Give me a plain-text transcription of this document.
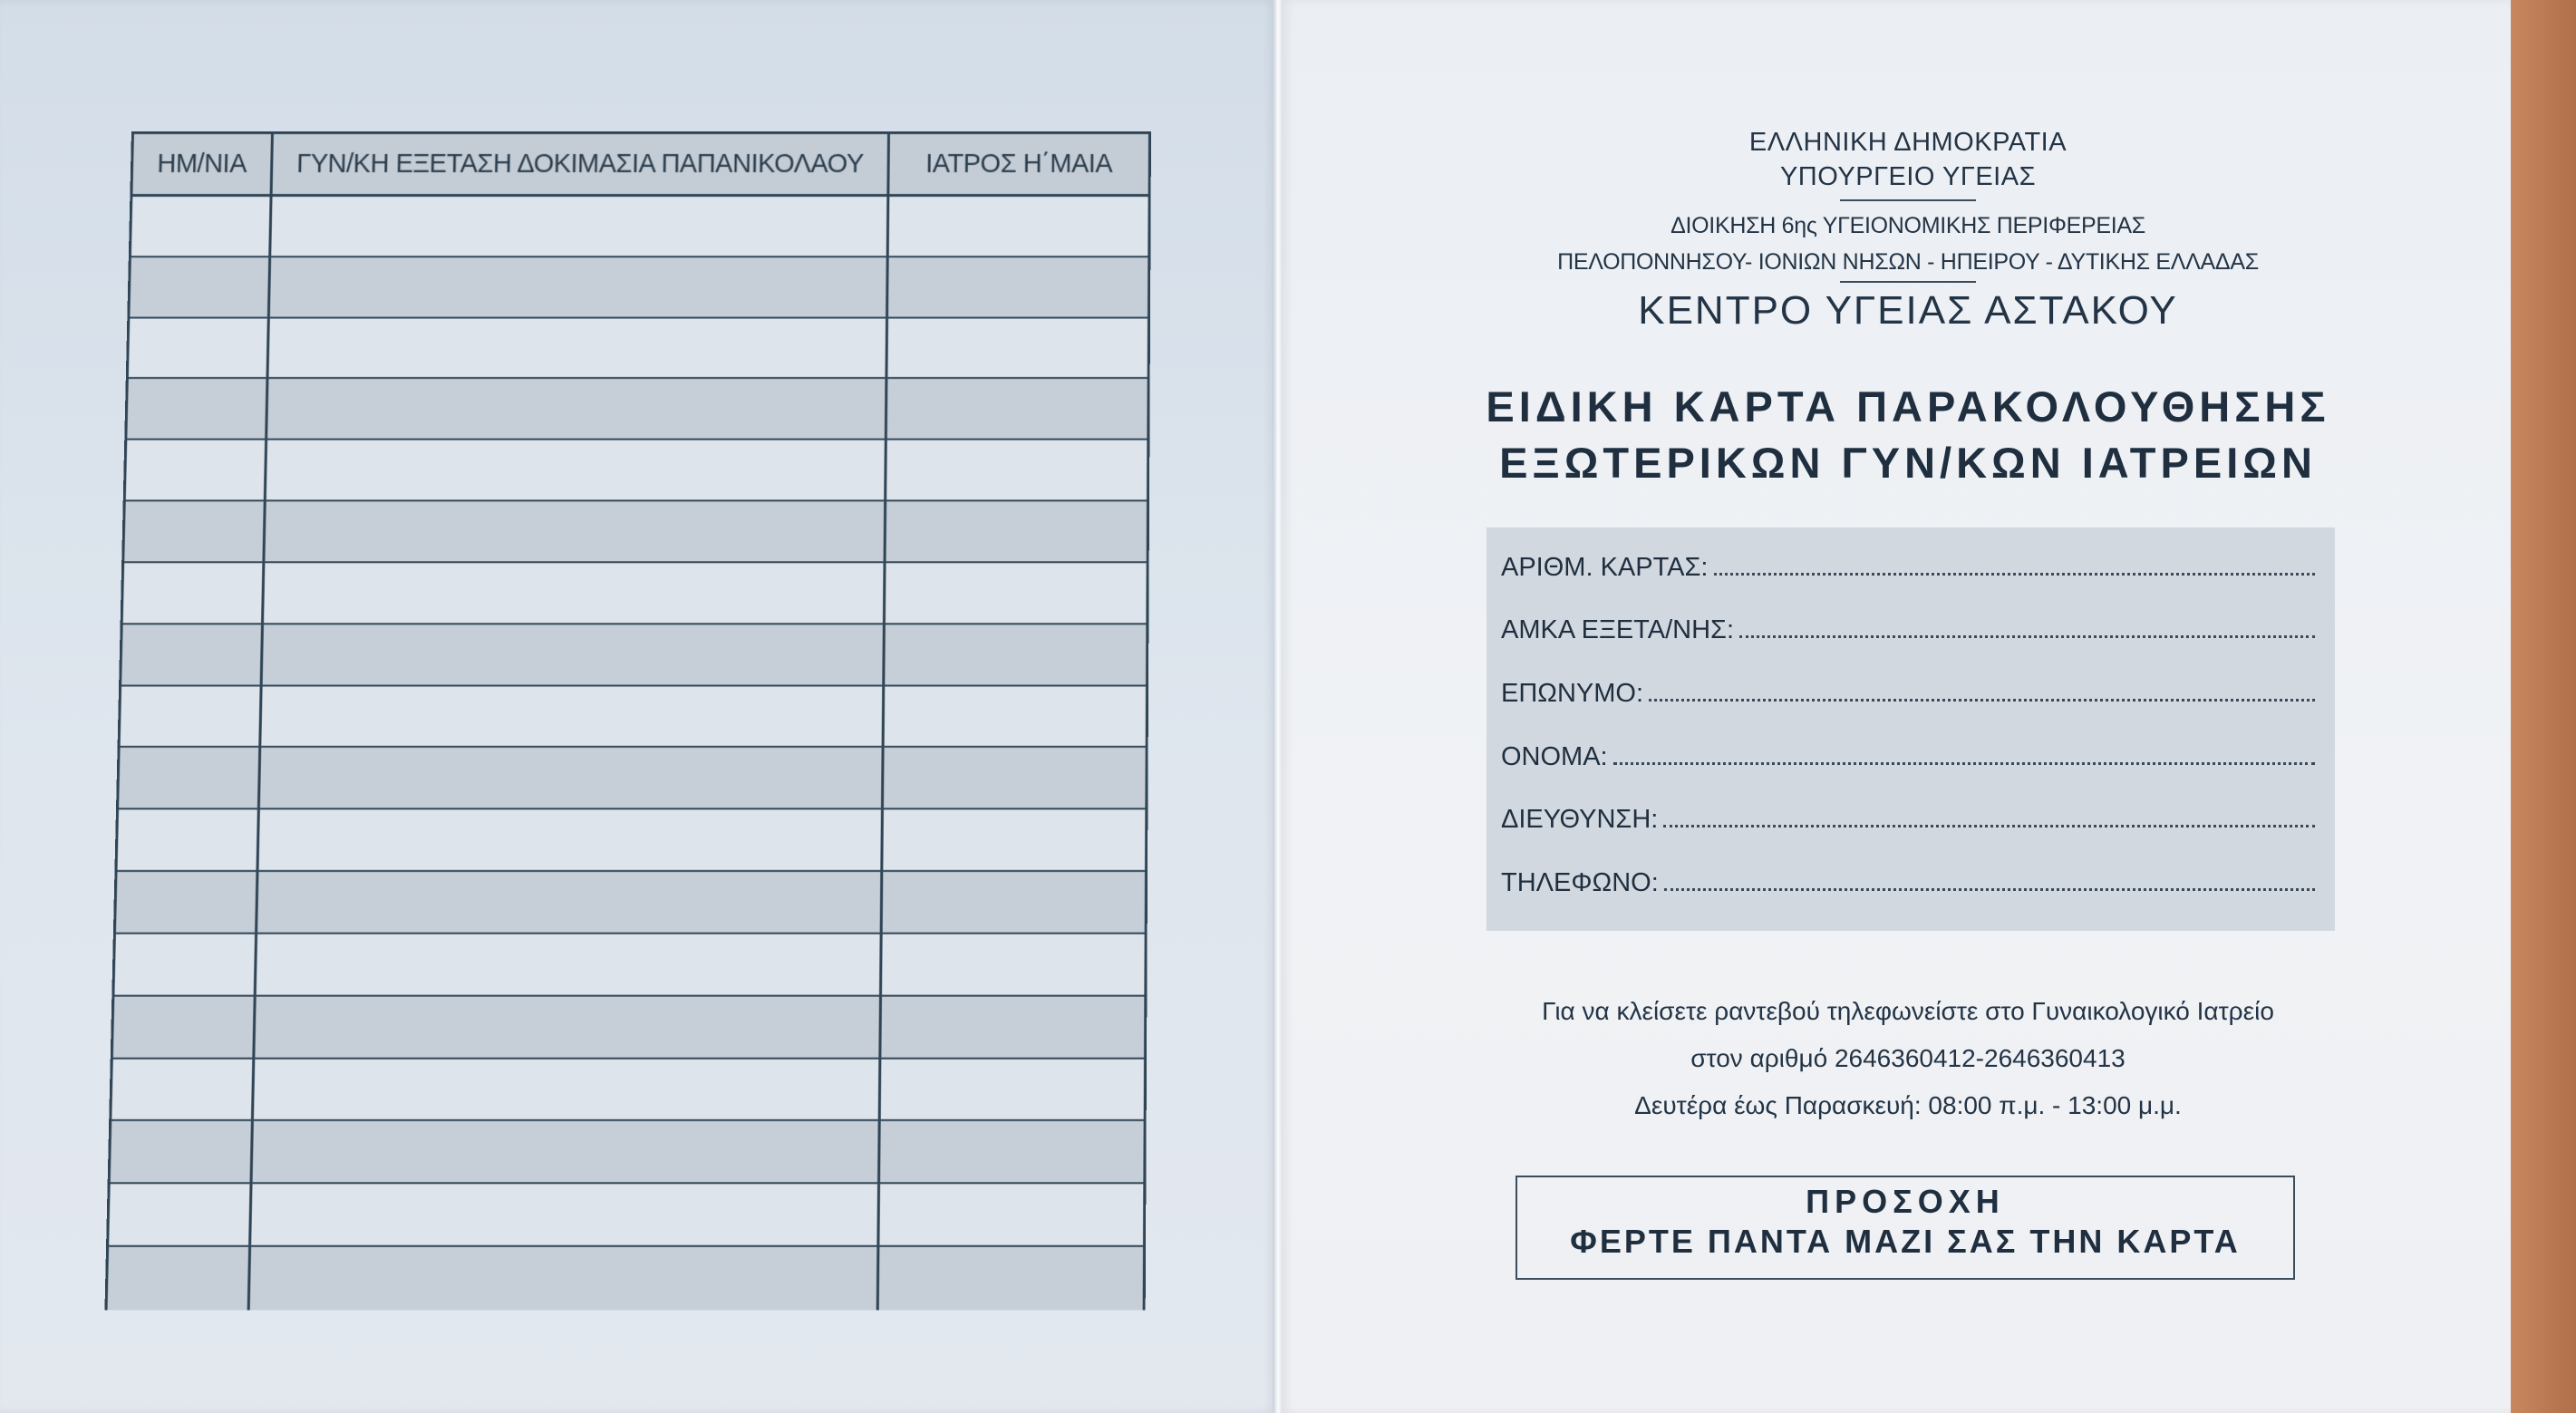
ΗΜ/ΝΙΑ	ΓΥΝ/ΚΗ ΕΞΕΤΑΣΗ ΔΟΚΙΜΑΣΙΑ ΠΑΠΑΝΙΚΟΛΑΟΥ	ΙΑΤΡΟΣ Η΄ΜΑΙΑ
ΕΛΛΗΝΙΚΗ ΔΗΜΟΚΡΑΤΙΑ
ΥΠΟΥΡΓΕΙΟ ΥΓΕΙΑΣ
ΔΙΟΙΚΗΣΗ 6ης ΥΓΕΙΟΝΟΜΙΚΗΣ ΠΕΡΙΦΕΡΕΙΑΣ
ΠΕΛΟΠΟΝΝΗΣΟΥ- ΙΟΝΙΩΝ ΝΗΣΩΝ - ΗΠΕΙΡΟΥ - ΔΥΤΙΚΗΣ ΕΛΛΑΔΑΣ
ΚΕΝΤΡΟ ΥΓΕΙΑΣ ΑΣΤΑΚΟΥ
ΕΙΔΙΚΗ ΚΑΡΤΑ ΠΑΡΑΚΟΛΟΥΘΗΣΗΣ
ΕΞΩΤΕΡΙΚΩΝ ΓΥΝ/ΚΩΝ ΙΑΤΡΕΙΩΝ
ΑΡΙΘΜ. ΚΑΡΤΑΣ:
ΑΜΚΑ ΕΞΕΤΑ/ΝΗΣ:
ΕΠΩΝΥΜΟ:
ΟΝΟΜΑ:
ΔΙΕΥΘΥΝΣΗ:
ΤΗΛΕΦΩΝΟ:
Για να κλείσετε ραντεβού τηλεφωνείστε στο Γυναικολογικό Ιατρείο
στον αριθμό 2646360412-2646360413
Δευτέρα έως Παρασκευή: 08:00 π.μ. - 13:00 μ.μ.
ΠΡΟΣΟΧΗ
ΦΕΡΤΕ ΠΑΝΤΑ ΜΑΖΙ ΣΑΣ ΤΗΝ ΚΑΡΤΑ
